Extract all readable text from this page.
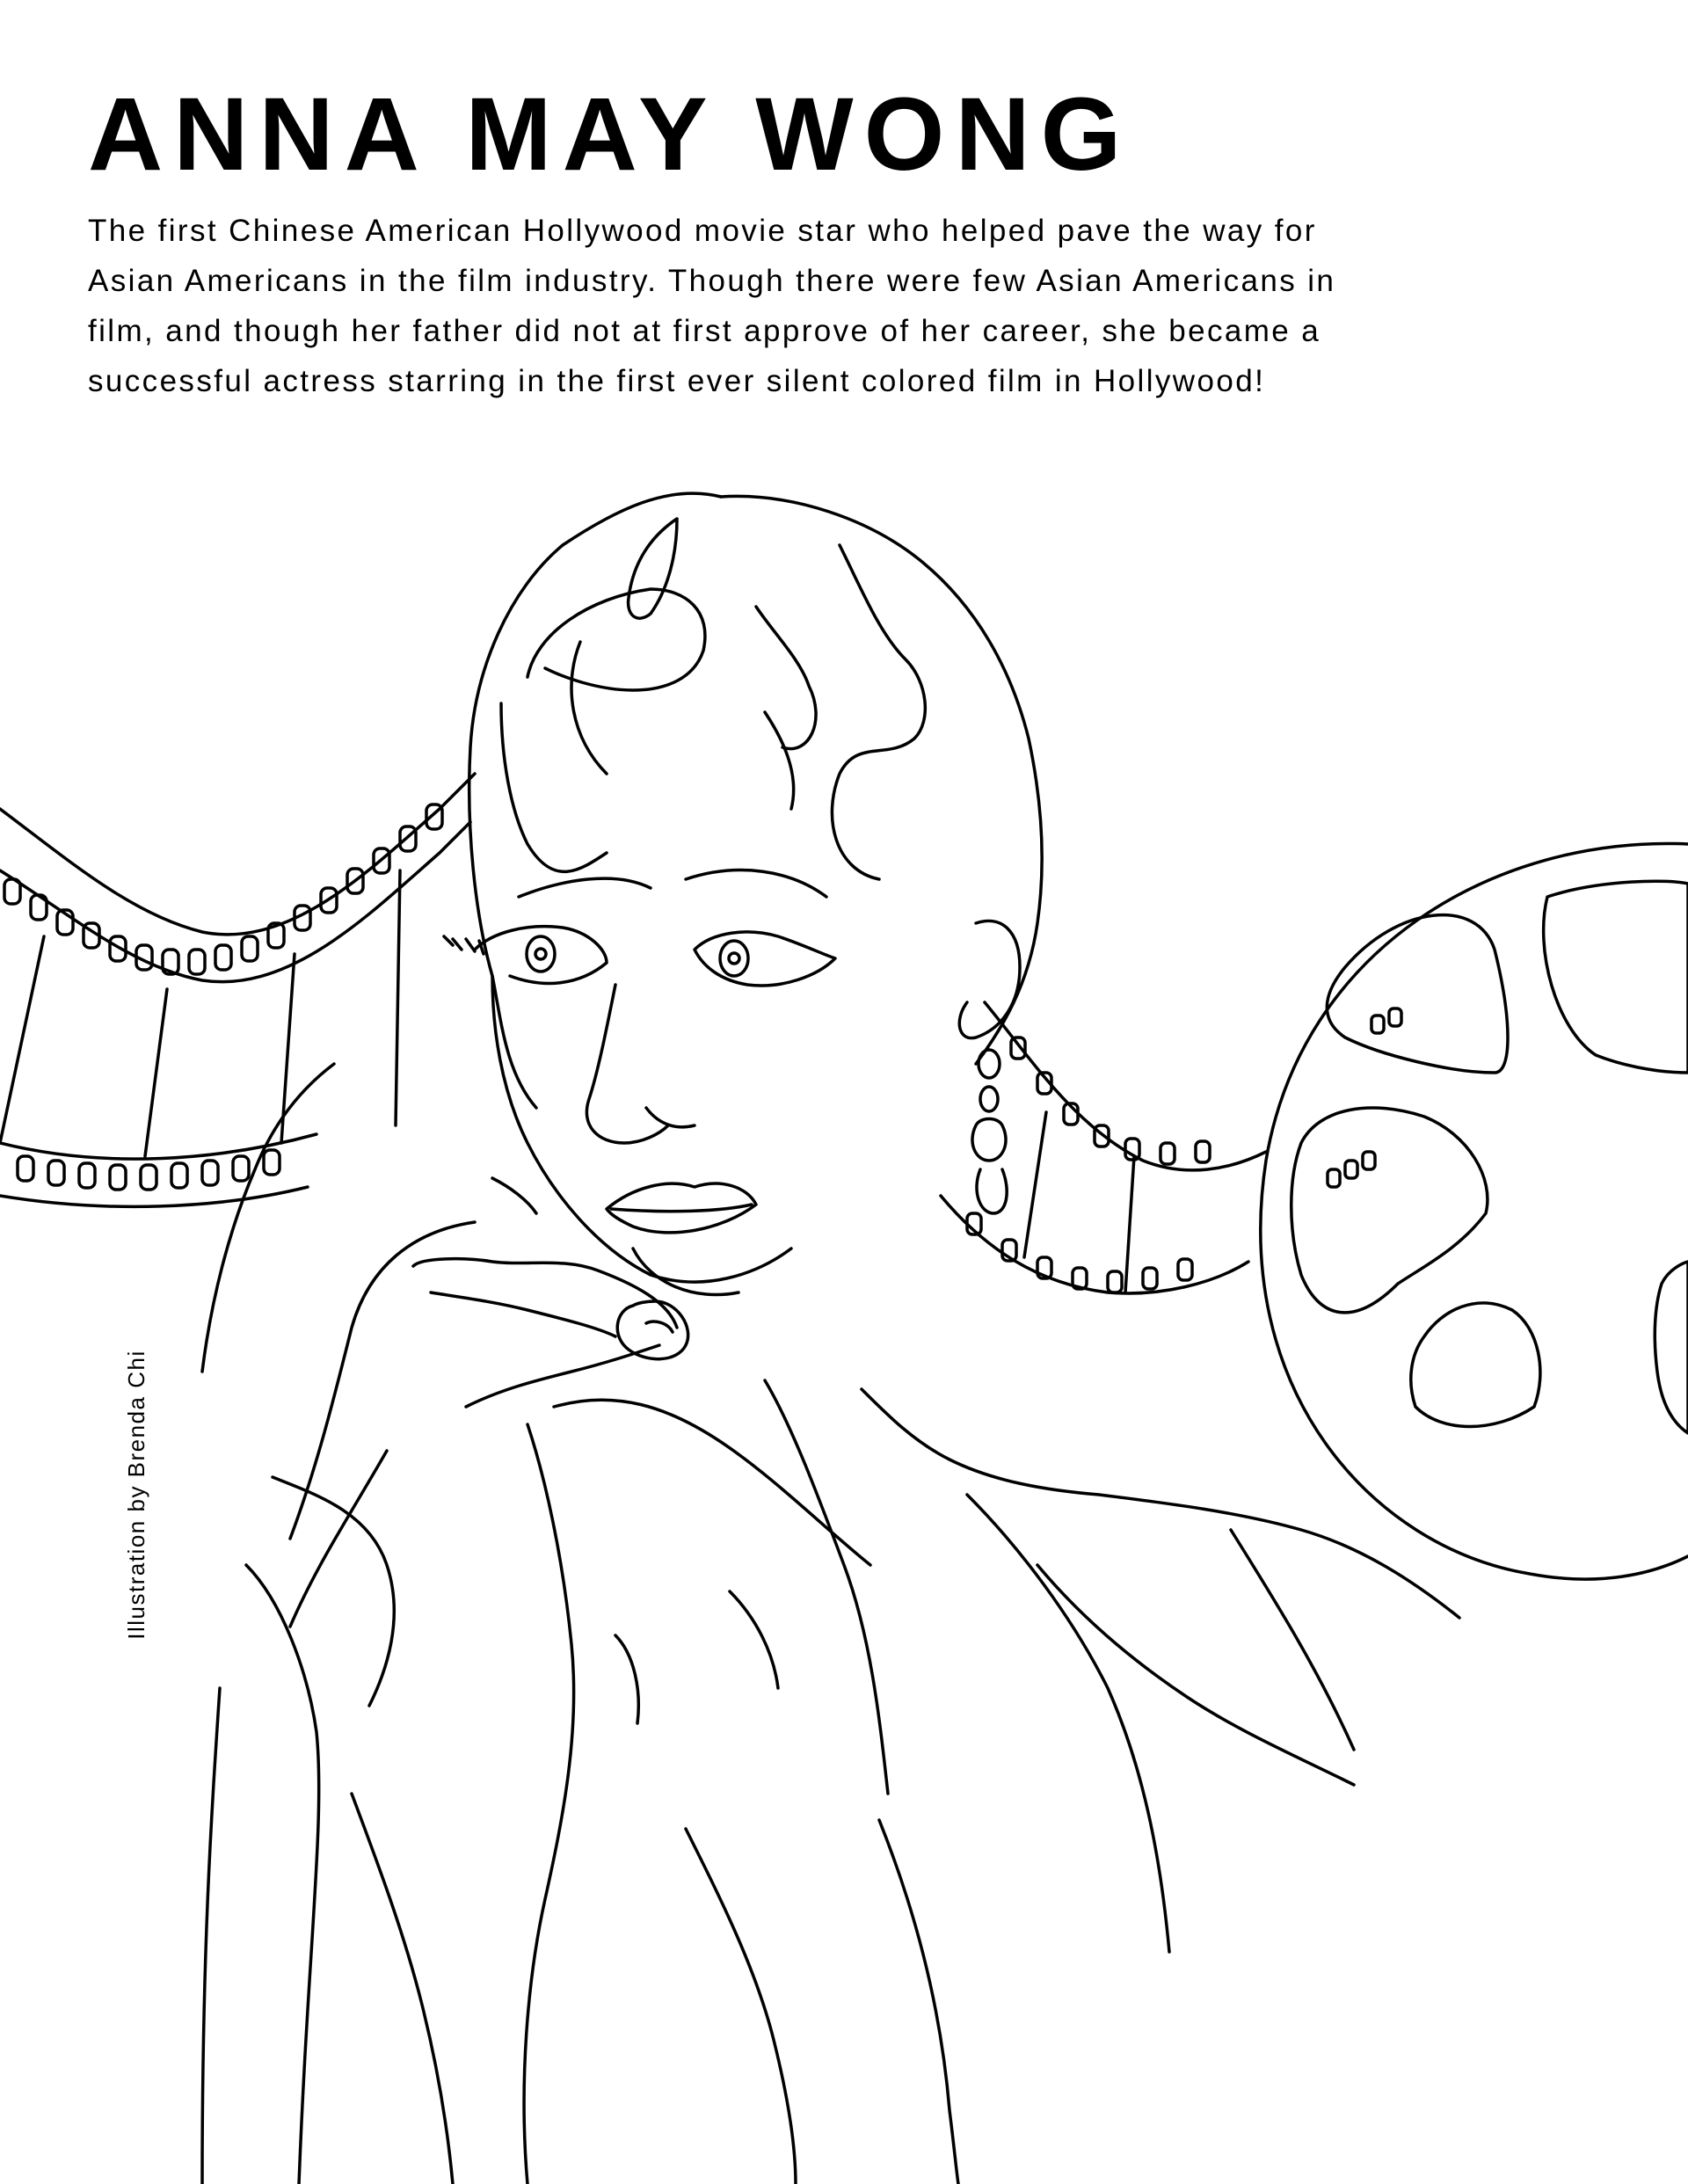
ANNA MAY WONG

The first Chinese American Hollywood movie star who helped pave the way for
Asian Americans in the film industry. Though there were few Asian Americans in
film, and though her father did not at first approve of her career, she became a
successful actress starring in the first ever silent colored film in Hollywood!

Illustration by Brenda Chi
